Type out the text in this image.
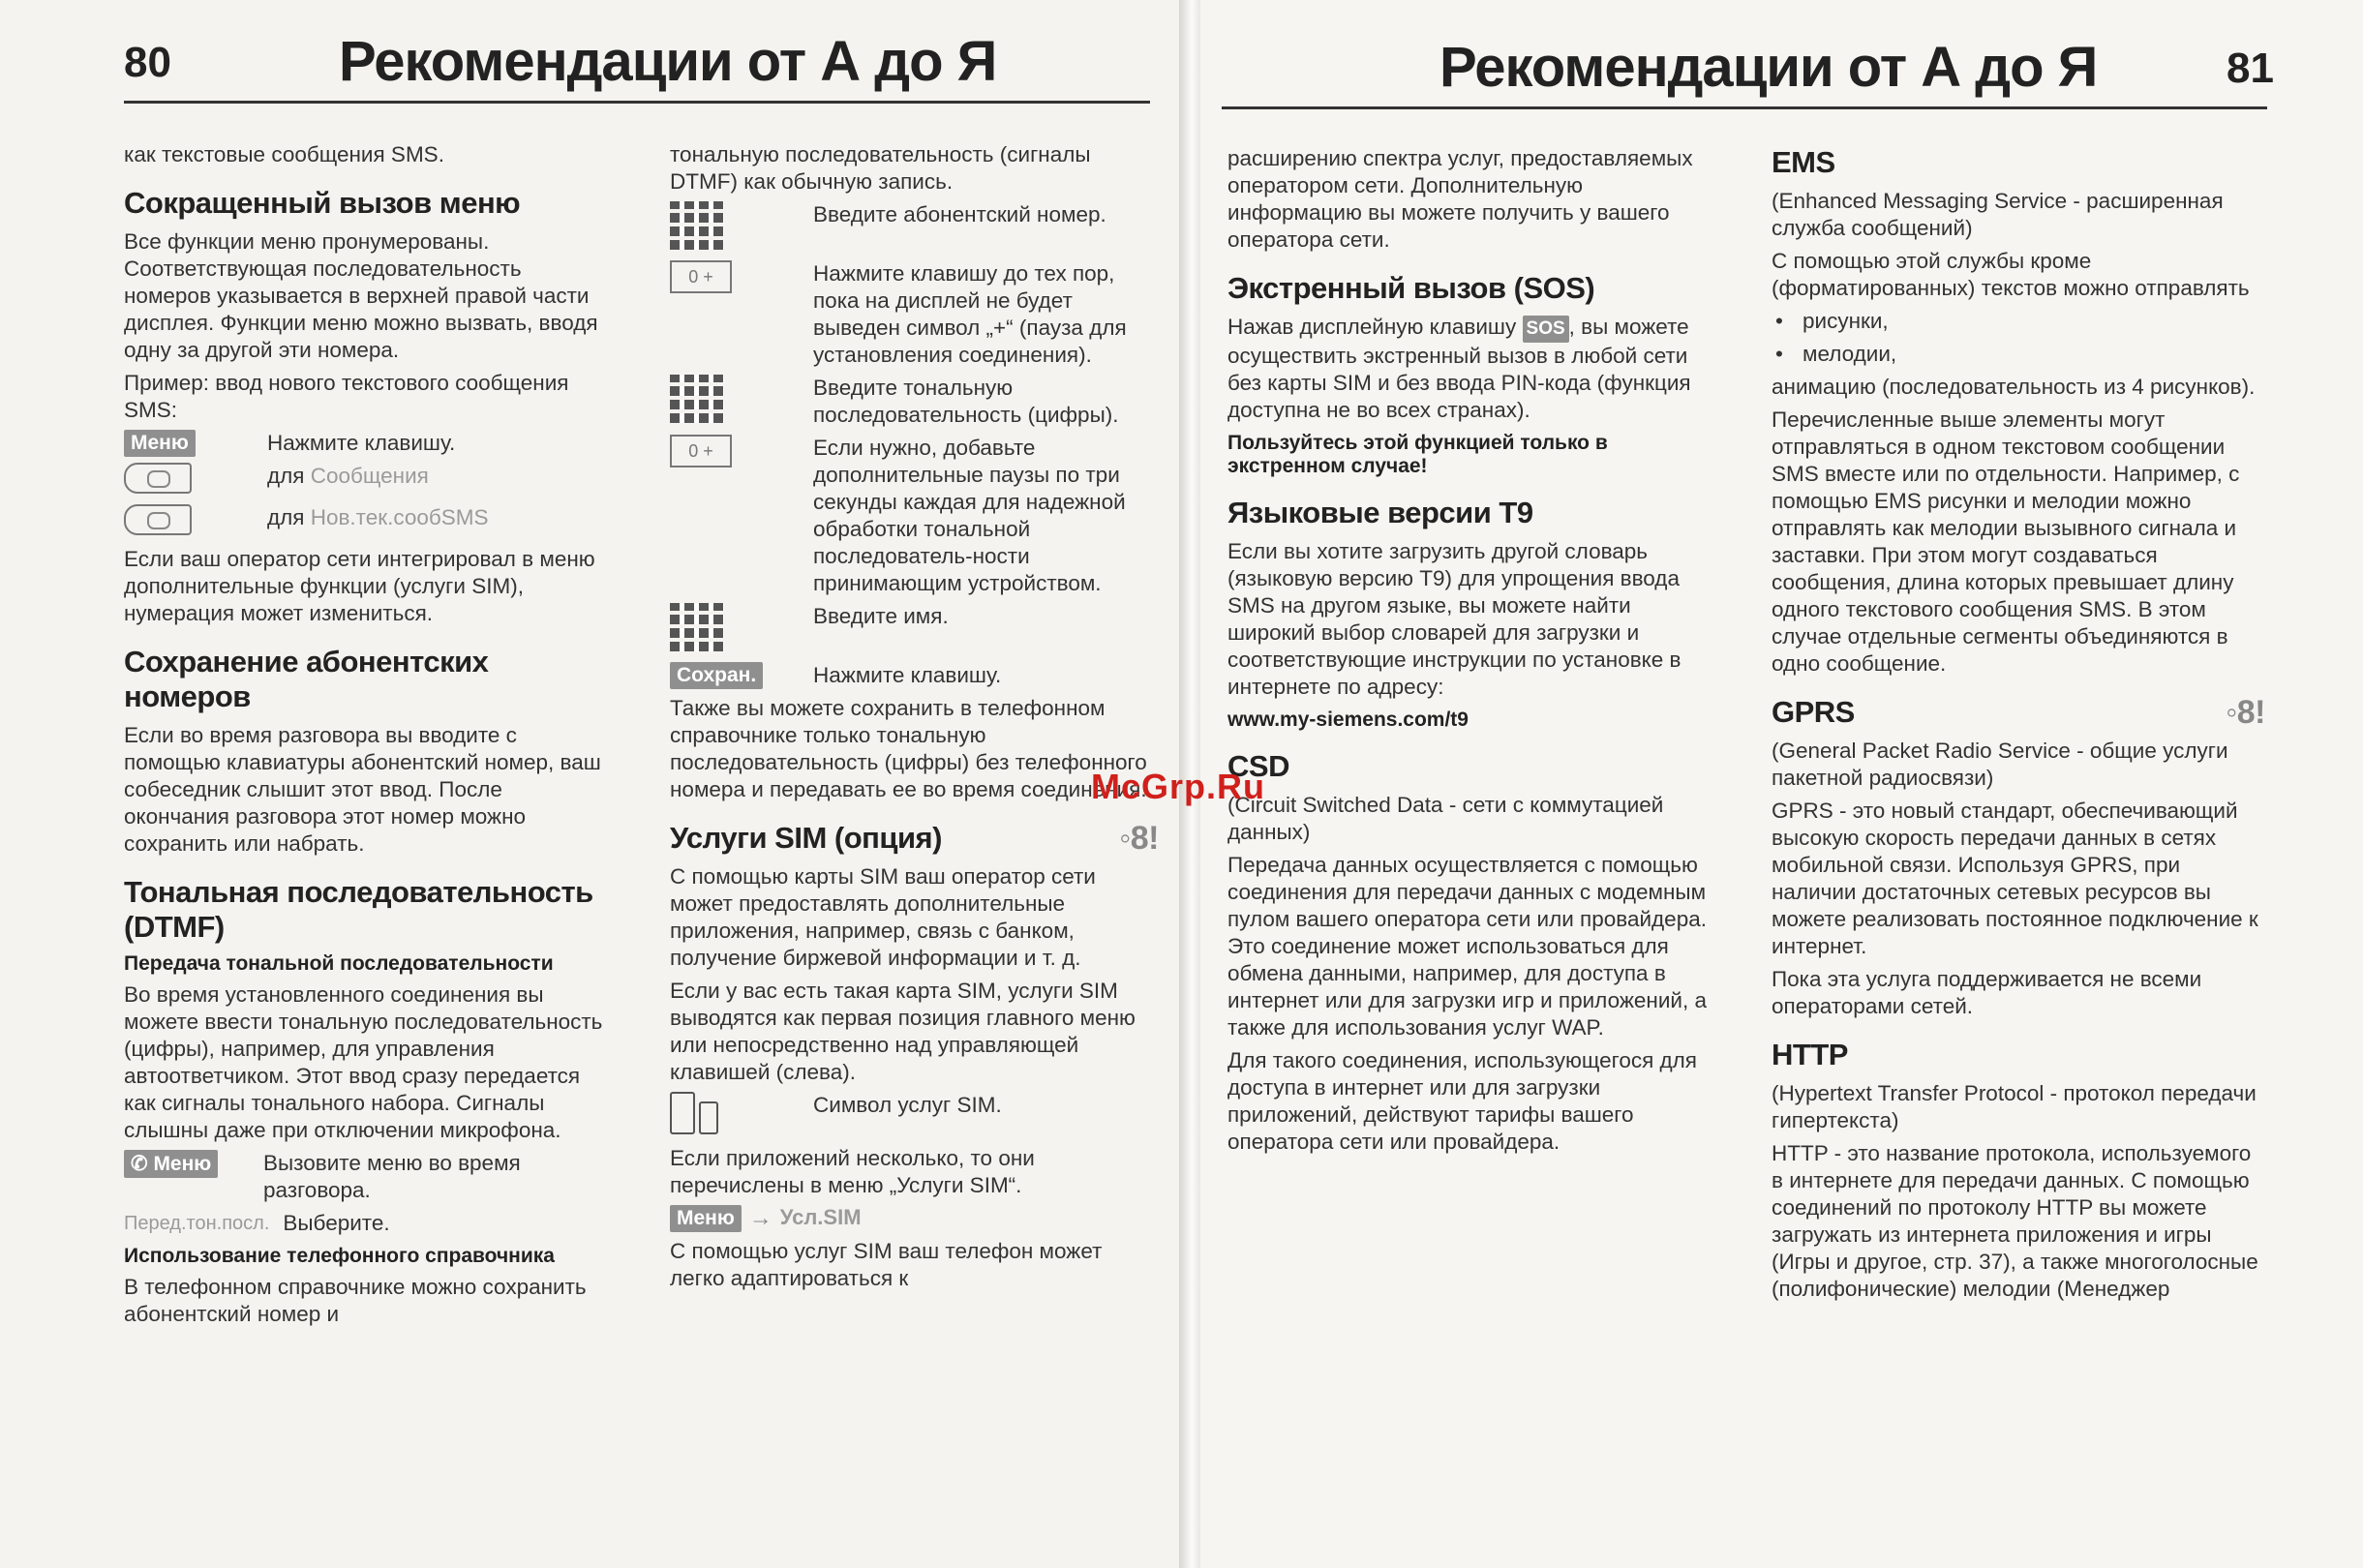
80	Рекомендации от А до Я	Рекомендации от А до Я	81

как текстовые сообщения SMS.

Сокращенный вызов меню

Все функции меню пронумерованы. Соответствующая последовательность номеров указывается в верхней правой части дисплея. Функции меню можно вызвать, вводя одну за другой эти номера.

Пример: ввод нового текстового сообщения SMS:

Меню	Нажмите клавишу.
для Сообщения
для Нов.тек.сообSMS

Если ваш оператор сети интегрировал в меню дополнительные функции (услуги SIM), нумерация может измениться.

Сохранение абонентских номеров

Если во время разговора вы вводите с помощью клавиатуры абонентский номер, ваш собеседник слышит этот ввод. После окончания разговора этот номер можно сохранить или набрать.

Тональная последовательность (DTMF)
Передача тональной последовательности

Во время установленного соединения вы можете ввести тональную последовательность (цифры), например, для управления автоответчиком. Этот ввод сразу передается как сигналы тонального набора. Сигналы слышны даже при отключении микрофона.

✆ Меню	Вызовите меню во время разговора.
Перед.тон.посл. Выберите.
Использование телефонного справочника

В телефонном справочнике можно сохранить абонентский номер и

тональную последовательность (сигналы DTMF) как обычную запись.

Введите абонентский номер.
0 +	Нажмите клавишу до тех пор, пока на дисплей не будет выведен символ „+“ (пауза для установления соединения).
Введите тональную последовательность (цифры).
0 +	Если нужно, добавьте дополнительные паузы по три секунды каждая для надежной обработки тональной последователь-ности принимающим устройством.
Введите имя.
Сохран.	Нажмите клавишу.

Также вы можете сохранить в телефонном справочнике только тональную последовательность (цифры) без телефонного номера и передавать ее во время соединения.

Услуги SIM (опция)	◦8!

С помощью карты SIM ваш оператор сети может предоставлять дополнительные приложения, например, связь с банком, получение биржевой информации и т. д.

Если у вас есть такая карта SIM, услуги SIM выводятся как первая позиция главного меню или непосредственно над управляющей клавишей (слева).

Символ услуг SIM.

Если приложений несколько, то они перечислены в меню „Услуги SIM“.

Меню → Усл.SIM

С помощью услуг SIM ваш телефон может легко адаптироваться к

расширению спектра услуг, предоставляемых оператором сети. Дополнительную информацию вы можете получить у вашего оператора сети.

Экстренный вызов (SOS)

Нажав дисплейную клавишу SOS , вы можете осуществить экстренный вызов в любой сети без карты SIM и без ввода PIN-кода (функция доступна не во всех странах).

Пользуйтесь этой функцией только в экстренном случае!
Языковые версии T9

Если вы хотите загрузить другой словарь (языковую версию T9) для упрощения ввода SMS на другом языке, вы можете найти широкий выбор словарей для загрузки и соответствующие инструкции по установке в интернете по адресу:

www.my-siemens.com/t9
CSD

(Circuit Switched Data - сети с коммутацией данных)

Передача данных осуществляется с помощью соединения для передачи данных с модемным пулом вашего оператора сети или провайдера. Это соединение может использоваться для обмена данными, например, для доступа в интернет или для загрузки игр и приложений, а также для использования услуг WAP.

Для такого соединения, использующегося для доступа в интернет или для загрузки приложений, действуют тарифы вашего оператора сети или провайдера.

EMS

(Enhanced Messaging Service - расширенная служба сообщений)

С помощью этой службы кроме (форматированных) текстов можно отправлять

• рисунки,

• мелодии,

анимацию (последовательность из 4 рисунков).

Перечисленные выше элементы могут отправляться в одном текстовом сообщении SMS вместе или по отдельности. Например, с помощью EMS рисунки и мелодии можно отправлять как мелодии вызывного сигнала и заставки. При этом могут создаваться сообщения, длина которых превышает длину одного текстового сообщения SMS. В этом случае отдельные сегменты объединяются в одно сообщение.

GPRS	◦8!

(General Packet Radio Service - общие услуги пакетной радиосвязи)

GPRS - это новый стандарт, обеспечивающий высокую скорость передачи данных в сетях мобильной связи. Используя GPRS, при наличии достаточных сетевых ресурсов вы можете реализовать постоянное подключение к интернет.

Пока эта услуга поддерживается не всеми операторами сетей.

HTTP

(Hypertext Transfer Protocol - протокол передачи гипертекста)

HTTP - это название протокола, используемого в интернете для передачи данных. С помощью соединений по протоколу HTTP вы можете загружать из интернета приложения и игры (Игры и другое, стр. 37), а также многоголосные (полифонические) мелодии (Менеджер

McGrp.Ru
